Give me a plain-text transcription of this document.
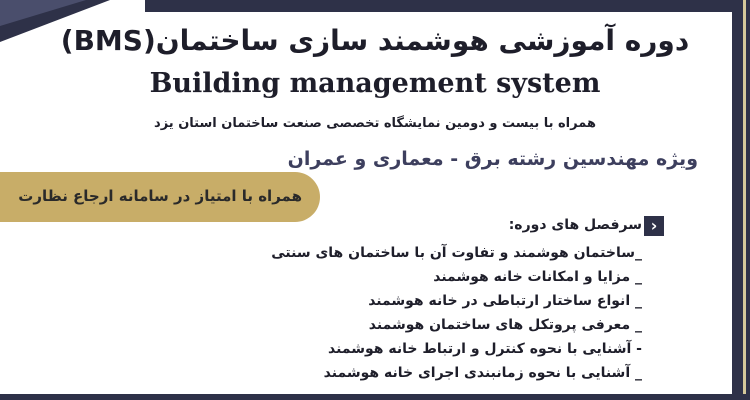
دوره آموزشی هوشمند سازی ساختمان(BMS)
Building management system

همراه با بیست و دومین نمایشگاه تخصصی صنعت ساختمان استان یزد

ویژه مهندسین رشته برق - معماری و عمران

همراه با امتیاز در سامانه ارجاع نظارت
›

سرفصل های دوره:

_ساختمان هوشمند و تفاوت آن با ساختمان های سنتی
_ مزایا و امکانات خانه هوشمند
_ انواع ساختار ارتباطی در خانه هوشمند
_ معرفی پروتکل های ساختمان هوشمند
- آشنایی با نحوه کنترل و ارتباط خانه هوشمند
_ آشنایی با نحوه زمانبندی اجرای خانه هوشمند
